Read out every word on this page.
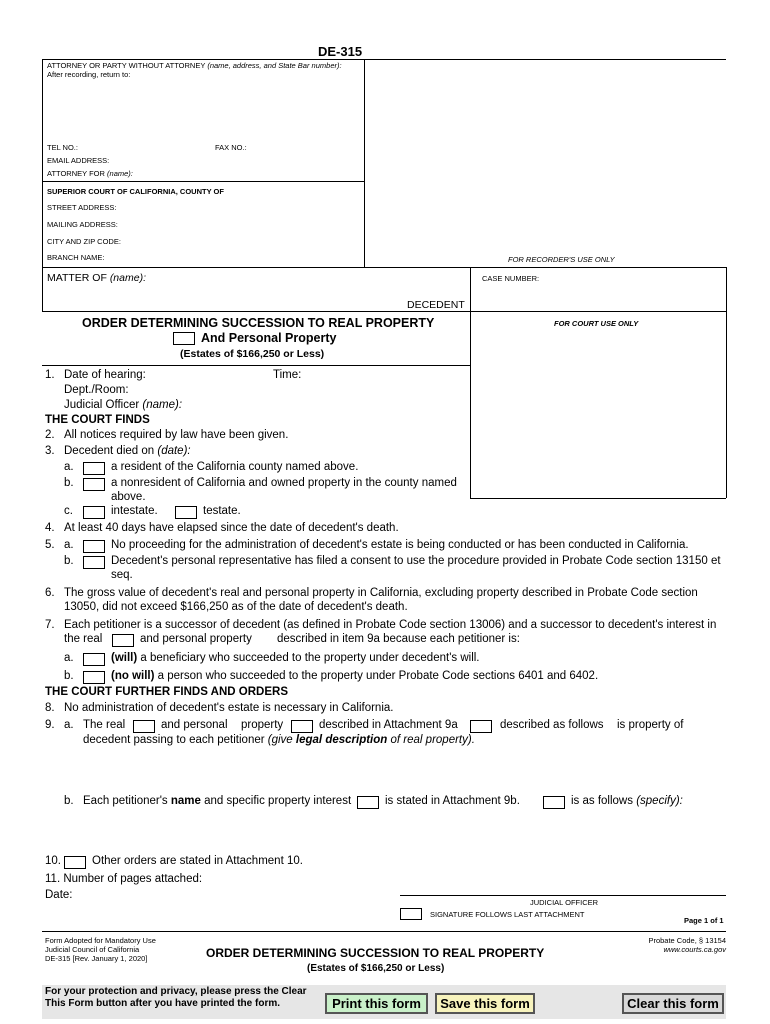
DE-315
ATTORNEY OR PARTY WITHOUT ATTORNEY (name, address, and State Bar number):
After recording, return to:
TEL NO.:	FAX NO.:
EMAIL ADDRESS:
ATTORNEY FOR (name):
SUPERIOR COURT OF CALIFORNIA, COUNTY OF
STREET ADDRESS:
MAILING ADDRESS:
CITY AND ZIP CODE:
BRANCH NAME:	FOR RECORDER'S USE ONLY
MATTER OF (name):
DECEDENT
CASE NUMBER:
FOR COURT USE ONLY
ORDER DETERMINING SUCCESSION TO REAL PROPERTY
And Personal Property
(Estates of $166,250 or Less)
1. Date of hearing:	Time:
Dept./Room:
Judicial Officer (name):
THE COURT FINDS
2. All notices required by law have been given.
3. Decedent died on (date):
a.	a resident of the California county named above.
b.	a nonresident of California and owned property in the county named
above.
c.	intestate.	testate.
4. At least 40 days have elapsed since the date of decedent's death.
5. a.	No proceeding for the administration of decedent's estate is being conducted or has been conducted in California.
b.	Decedent's personal representative has filed a consent to use the procedure provided in Probate Code section 13150 et
seq.
6. The gross value of decedent's real and personal property in California, excluding property described in Probate Code section
13050, did not exceed $166,250 as of the date of decedent's death.
7. Each petitioner is a successor of decedent (as defined in Probate Code section 13006) and a successor to decedent's interest in
the real	and personal property described in item 9a because each petitioner is:
a.	(will) a beneficiary who succeeded to the property under decedent's will.
b.	(no will) a person who succeeded to the property under Probate Code sections 6401 and 6402.
THE COURT FURTHER FINDS AND ORDERS
8. No administration of decedent's estate is necessary in California.
9. a. The real	and personal property	described in Attachment 9a	described as follows is property of
decedent passing to each petitioner (give legal description of real property).
b. Each petitioner's name and specific property interest	is stated in Attachment 9b.	is as follows (specify):
10.	Other orders are stated in Attachment 10.
11. Number of pages attached:
Date:
JUDICIAL OFFICER
SIGNATURE FOLLOWS LAST ATTACHMENT
Page 1 of 1
Form Adopted for Mandatory Use
Judicial Council of California
DE-315 [Rev. January 1, 2020]	ORDER DETERMINING SUCCESSION TO REAL PROPERTY
(Estates of $166,250 or Less)
Probate Code, § 13154
www.courts.ca.gov
For your protection and privacy, please press the Clear
This Form button after you have printed the form.	Print this form	Save this form	Clear this form
